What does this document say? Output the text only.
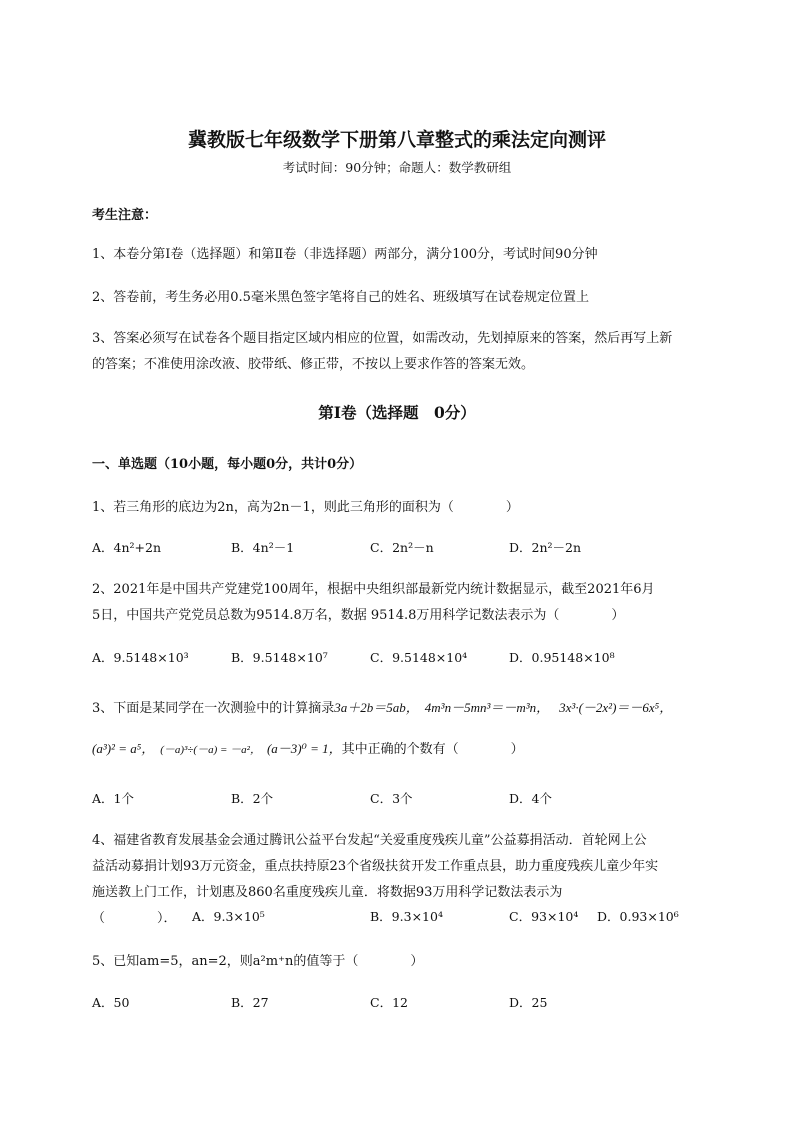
冀教版七年级数学下册第八章整式的乘法定向测评
考试时间：90分钟；命题人：数学教研组
考生注意：
1、本卷分第Ⅰ卷（选择题）和第Ⅱ卷（非选择题）两部分，满分100分，考试时间90分钟
2、答卷前，考生务必用0.5毫米黑色签字笔将自己的姓名、班级填写在试卷规定位置上
3、答案必须写在试卷各个题目指定区域内相应的位置，如需改动，先划掉原来的答案，然后再写上新
的答案；不准使用涂改液、胶带纸、修正带，不按以上要求作答的答案无效。
第Ⅰ卷（选择题　0分）
一、单选题（10小题，每小题0分，共计0分）
1、若三角形的底边为2n，高为2n－1，则此三角形的面积为（　　　　）
A．4n²+2n	B．4n²－1	C．2n²－n	D．2n²－2n
2、2021年是中国共产党建党100周年，根据中央组织部最新党内统计数据显示，截至2021年6月
5日，中国共产党党员总数为9514.8万名，数据 9514.8万用科学记数法表示为（　　　　）
A．9.5148×10³	B．9.5148×10⁷	C．9.5148×10⁴	D．0.95148×10⁸
3、下面是某同学在一次测验中的计算摘录3a＋2b＝5ab， 4m³n－5mn³＝－m³n， 3x³·(－2x²)＝－6x⁵，
(a³)² = a⁵， (－a)³÷(－a) = －a²， (a－3)⁰ = 1，其中正确的个数有（　　　　）
A．1个	B．2个	C．3个	D．4个
4、福建省教育发展基金会通过腾讯公益平台发起“关爱重度残疾儿童”公益募捐活动．首轮网上公
益活动募捐计划93万元资金，重点扶持原23个省级扶贫开发工作重点县，助力重度残疾儿童少年实
施送教上门工作，计划惠及860名重度残疾儿童．将数据93万用科学记数法表示为
（　　　　）． A．9.3×10⁵	B．9.3×10⁴	C．93×10⁴ D．0.93×10⁶
5、已知am=5，an=2，则a²m⁺n的值等于（　　　　）
A．50	B．27	C．12	D．25
